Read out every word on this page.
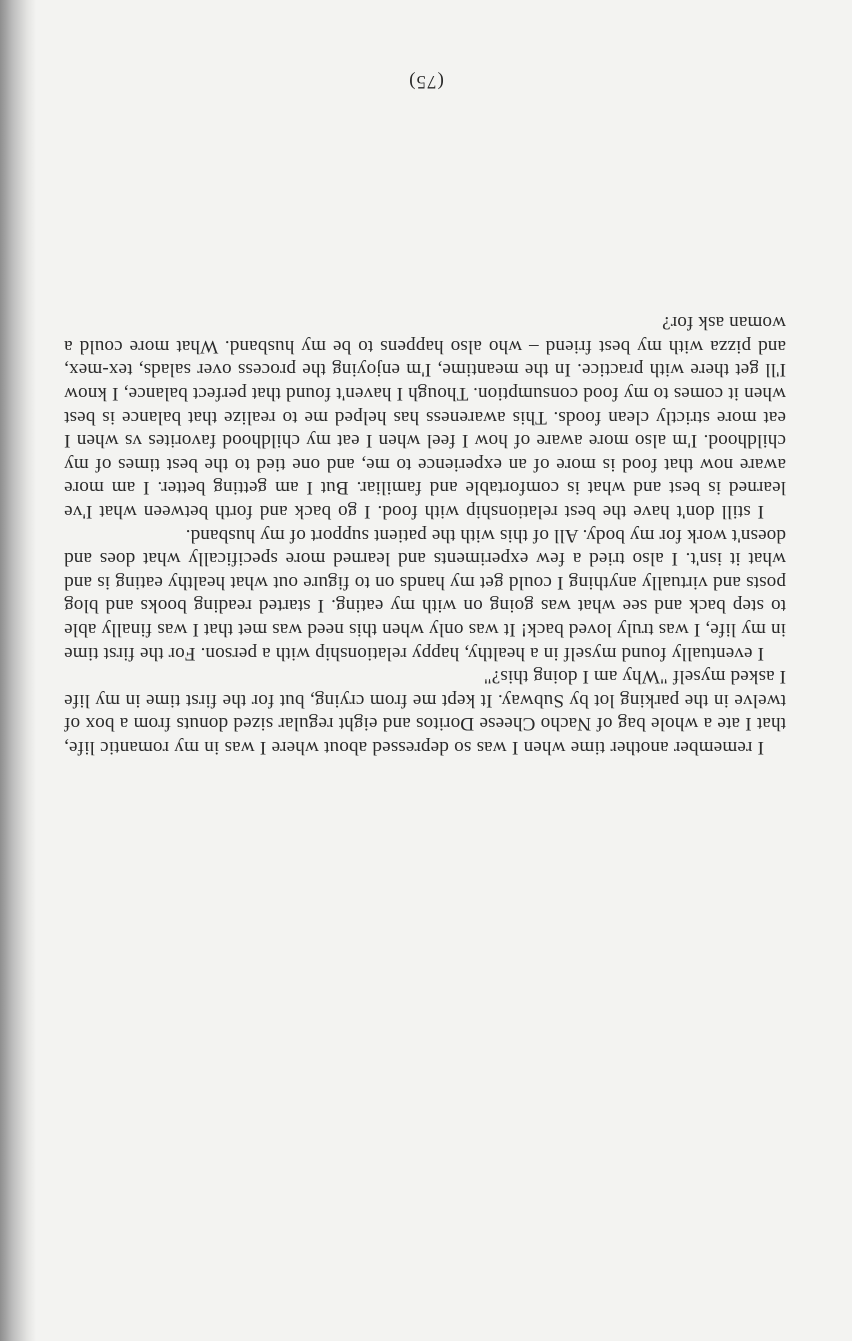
I remember another time when I was so depressed about where I was in my romantic life, that I ate a whole bag of Nacho Cheese Doritos and eight regular sized donuts from a box of twelve in the parking lot by Subway. It kept me from crying, but for the first time in my life I asked myself "Why am I doing this?"

I eventually found myself in a healthy, happy relationship with a person. For the first time in my life, I was truly loved back! It was only when this need was met that I was finally able to step back and see what was going on with my eating. I started reading books and blog posts and virtually anything I could get my hands on to figure out what healthy eating is and what it isn't. I also tried a few experiments and learned more specifically what does and doesn't work for my body. All of this with the patient support of my husband.

I still don't have the best relationship with food. I go back and forth between what I've learned is best and what is comfortable and familiar. But I am getting better. I am more aware now that food is more of an experience to me, and one tied to the best times of my childhood. I'm also more aware of how I feel when I eat my childhood favorites vs when I eat more strictly clean foods. This awareness has helped me to realize that balance is best when it comes to my food consumption. Though I haven't found that perfect balance, I know I'll get there with practice. In the meantime, I'm enjoying the process over salads, tex-mex, and pizza with my best friend – who also happens to be my husband. What more could a woman ask for?

(75)
